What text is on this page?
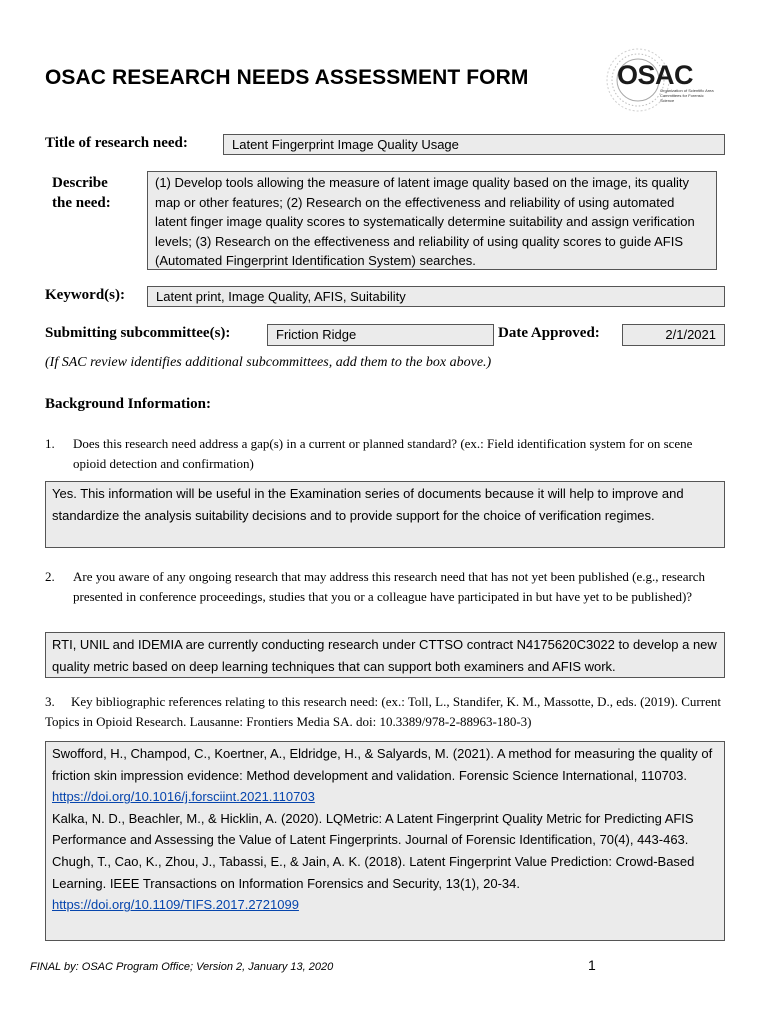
OSAC RESEARCH NEEDS ASSESSMENT FORM	OSAC
Organization of Scientific Area Committees for Forensic Science
Title of research need:	Latent Fingerprint Image Quality Usage
Describe
the need:
(1) Develop tools allowing the measure of latent image quality based on the image, its quality map or other features; (2) Research on the effectiveness and reliability of using automated latent finger image quality scores to systematically determine suitability and assign verification levels; (3) Research on the effectiveness and reliability of using quality scores to guide AFIS (Automated Fingerprint Identification System) searches.
Keyword(s):	Latent print, Image Quality, AFIS, Suitability
Submitting subcommittee(s):	Friction Ridge	Date Approved:	2/1/2021
(If SAC review identifies additional subcommittees, add them to the box above.)
Background Information:
1. Does this research need address a gap(s) in a current or planned standard? (ex.: Field identification system for on scene opioid detection and confirmation)
Yes. This information will be useful in the Examination series of documents because it will help to improve and standardize the analysis suitability decisions and to provide support for the choice of verification regimes.
2. Are you aware of any ongoing research that may address this research need that has not yet been published (e.g., research presented in conference proceedings, studies that you or a colleague have participated in but have yet to be published)?
RTI, UNIL and IDEMIA are currently conducting research under CTTSO contract N4175620C3022 to develop a new quality metric based on deep learning techniques that can support both examiners and AFIS work.
3.     Key bibliographic references relating to this research need: (ex.: Toll, L., Standifer, K. M., Massotte, D., eds. (2019). Current Topics in Opioid Research. Lausanne: Frontiers Media SA. doi: 10.3389/978-2-88963-180-3)
Swofford, H., Champod, C., Koertner, A., Eldridge, H., & Salyards, M. (2021). A method for measuring the quality of friction skin impression evidence: Method development and validation. Forensic Science International, 110703. https://doi.org/10.1016/j.forsciint.2021.110703
Kalka, N. D., Beachler, M., & Hicklin, A. (2020). LQMetric: A Latent Fingerprint Quality Metric for Predicting AFIS Performance and Assessing the Value of Latent Fingerprints. Journal of Forensic Identification, 70(4), 443-463.
Chugh, T., Cao, K., Zhou, J., Tabassi, E., & Jain, A. K. (2018). Latent Fingerprint Value Prediction: Crowd-Based Learning. IEEE Transactions on Information Forensics and Security, 13(1), 20-34. https://doi.org/10.1109/TIFS.2017.2721099
FINAL by: OSAC Program Office; Version 2, January 13, 2020	1
